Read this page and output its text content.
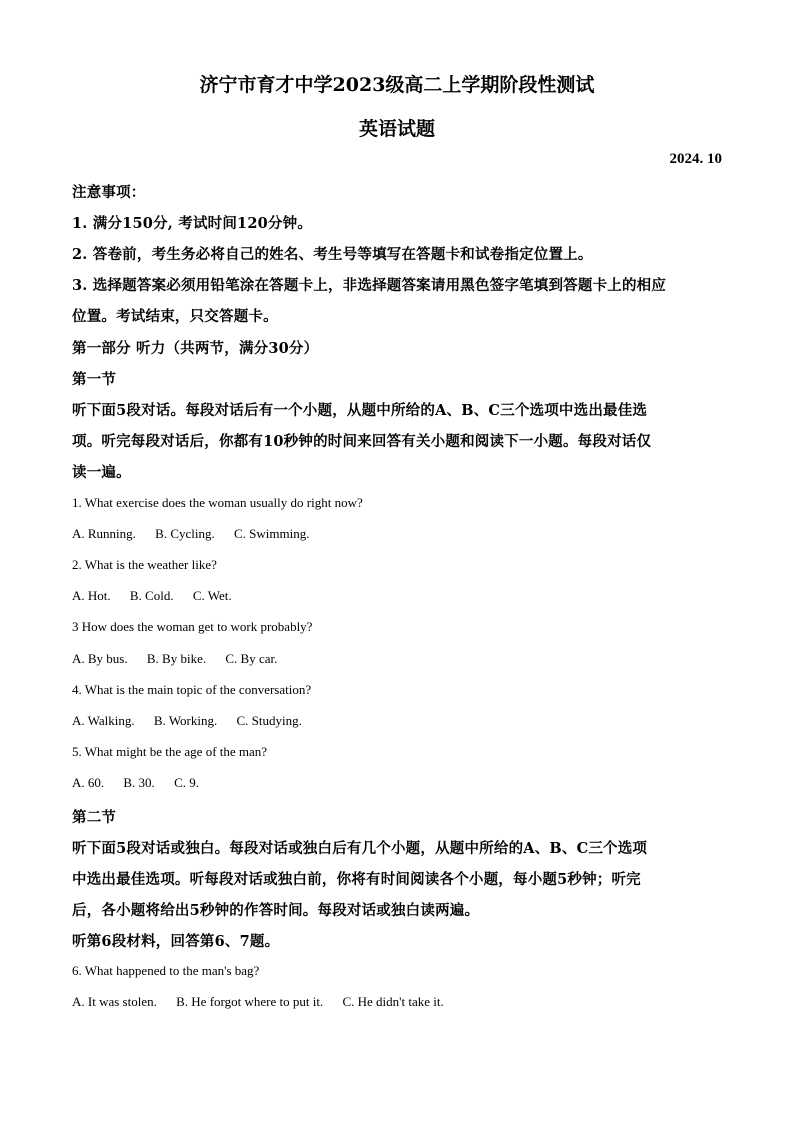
济宁市育才中学2023级高二上学期阶段性测试
英语试题
2024. 10
注意事项：
1. 满分150分, 考试时间120分钟。
2. 答卷前，考生务必将自己的姓名、考生号等填写在答题卡和试卷指定位置上。
3. 选择题答案必须用铅笔涂在答题卡上，非选择题答案请用黑色签字笔填到答题卡上的相应
位置。考试结束，只交答题卡。
第一部分 听力（共两节，满分30分）
第一节
听下面5段对话。每段对话后有一个小题，从题中所给的A、B、C三个选项中选出最佳选
项。听完每段对话后，你都有10秒钟的时间来回答有关小题和阅读下一小题。每段对话仅
读一遍。
1. What exercise does the woman usually do right now?
A. Running. B. Cycling. C. Swimming.
2. What is the weather like?
A. Hot. B. Cold. C. Wet.
3 How does the woman get to work probably?
A. By bus. B. By bike. C. By car.
4. What is the main topic of the conversation?
A. Walking. B. Working. C. Studying.
5. What might be the age of the man?
A. 60. B. 30. C. 9.
第二节
听下面5段对话或独白。每段对话或独白后有几个小题，从题中所给的A、B、C三个选项
中选出最佳选项。听每段对话或独白前，你将有时间阅读各个小题，每小题5秒钟；听完
后，各小题将给出5秒钟的作答时间。每段对话或独白读两遍。
听第6段材料，回答第6、7题。
6. What happened to the man's bag?
A. It was stolen. B. He forgot where to put it. C. He didn't take it.
